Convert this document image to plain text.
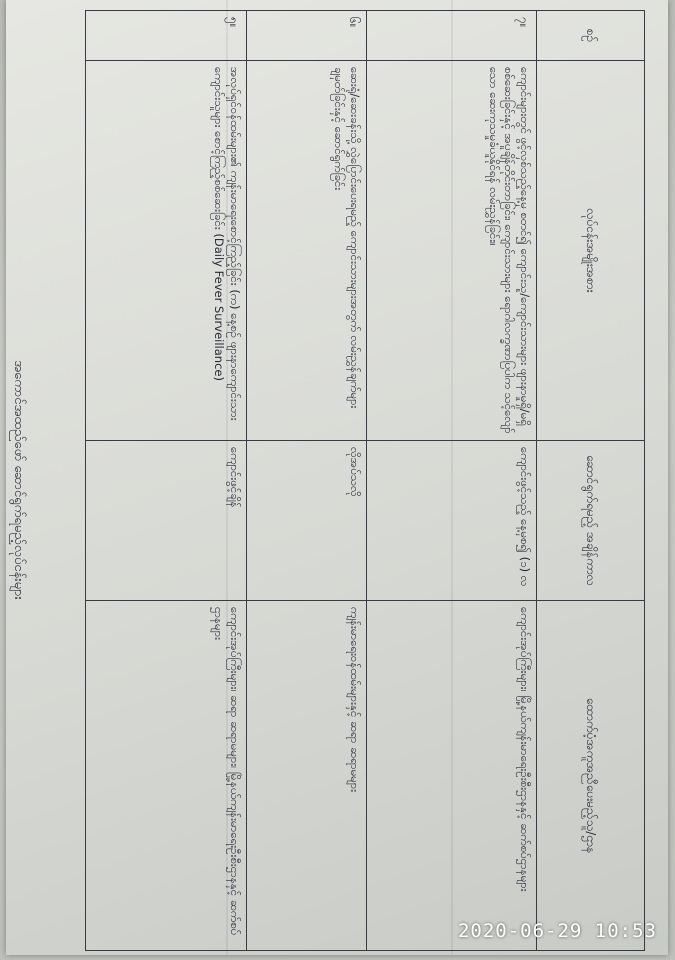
အကောင်အထည်ဖော် ဆောင်ရွက်ရမည့်လုပ်ငန်းများ
စဉ်	လုပ်ငန်းအမျိုးအစား	ဆောင်ရွက်ရမည့် အချိန်ကာလ	ထောက်ပံ့အကူအညီပေးမည့်သူ/ဌာန
၇။	ကျောင်းများတွင် ဖွင့်လှစ်သည့်နေ့မှ စတင်၍ ကျောင်းသူ/ကျောင်းသားများ ဖျားနာမှုရှိ/မရှိ စစ်ဆေးခြင်းနှင့် အပူချိန်တိုင်းတာခြင်း၊ ကျောင်းသားများ ရောဂါလက္ခဏာပြပါက သင့်လျော်သော ဆေးကုသမှုခံယူနိုင်ရန် လမ်းညွှန်ခြင်း။	ကျောင်းဖွင့်သည့် နေ့မှစ၍ (၁) လ	ကျောင်းအုပ်ကြီးများ၊ မြို့နယ်ကျန်းမာရေးဦးစီးဌာနနှင့် ဆက်စပ်ဌာနများ
၆။	ဆေးရုံ/ဆေးခန်းသို့ လွှဲပြောင်းပေးရမည့် ကျောင်းသားများအတွက် လမ်းညွှန်ချက်များ ချမှတ်ခြင်းနှင့် ဆောင်ရွက်ခြင်း	လိုအပ်သလို	ကျန်းမာရေးဝန်ထမ်းများနှင့် ဆရာ ဆရာမများ
၅။	အလုပ်ရှင်ဝန်ထမ်းများ၏ ကျန်းမာရေးစောင့်ကြည့်ခြင်း (က) နေ့စဉ် ဖျားနာကျောင်းသားကျောင်းသူများ စောင့်ကြည့်စစ်ဆေးခြင်း (Daily Fever Surveillance)	ကျောင်းဖွင့်ချိန်	ကျောင်းအုပ်ကြီးများ၊ ဆရာ ဆရာမများ၊ မြို့နယ်ကျန်းမာရေးဦးစီးဌာနနှင့် ဆက်စပ်ဌာနများ
2020-06-29 10:53
